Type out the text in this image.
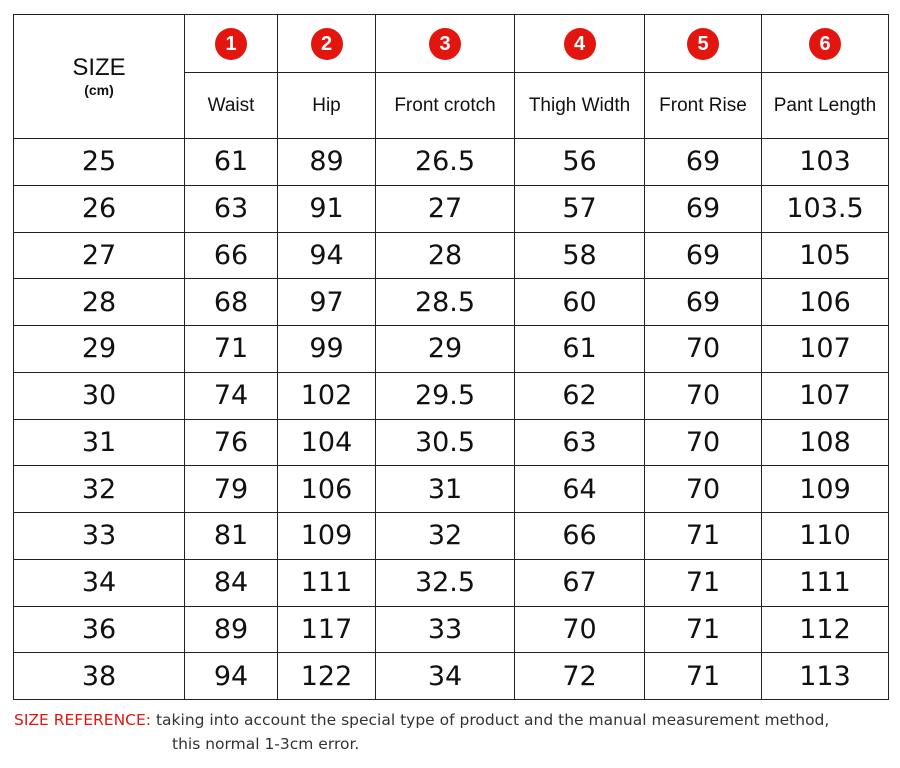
SIZE
(cm)	1	2	3	4	5	6
	Waist	Hip	Front crotch	Thigh Width	Front Rise	Pant Length
25	61	89	26.5	56	69	103
26	63	91	27	57	69	103.5
27	66	94	28	58	69	105
28	68	97	28.5	60	69	106
29	71	99	29	61	70	107
30	74	102	29.5	62	70	107
31	76	104	30.5	63	70	108
32	79	106	31	64	70	109
33	81	109	32	66	71	110
34	84	111	32.5	67	71	111
36	89	117	33	70	71	112
38	94	122	34	72	71	113
SIZE REFERENCE: taking into account the special type of product and the manual measurement method,
this normal 1-3cm error.
